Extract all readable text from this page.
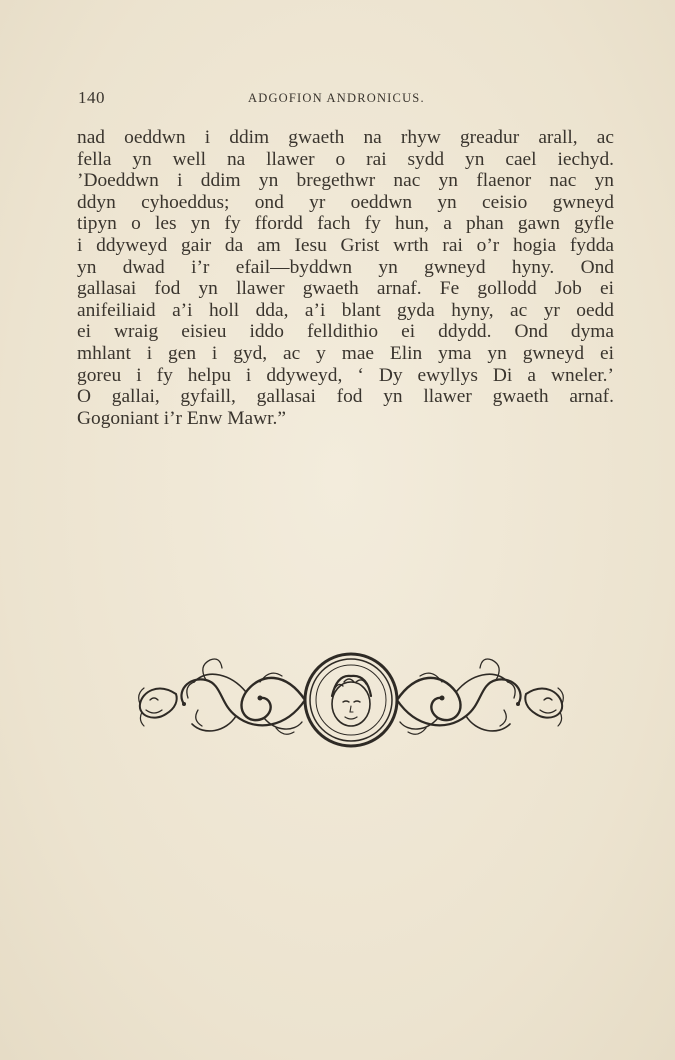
140	ADGOFION ANDRONICUS.
nad oeddwn i ddim gwaeth na rhyw greadur arall, ac
fella yn well na llawer o rai sydd yn cael iechyd.
’Doeddwn i ddim yn bregethwr nac yn flaenor nac yn
ddyn cyhoeddus; ond yr oeddwn yn ceisio gwneyd
tipyn o les yn fy ffordd fach fy hun, a phan gawn gyfle
i ddyweyd gair da am Iesu Grist wrth rai o’r hogia fydda
yn dwad i’r efail—byddwn yn gwneyd hyny. Ond
gallasai fod yn llawer gwaeth arnaf. Fe gollodd Job ei
anifeiliaid a’i holl dda, a’i blant gyda hyny, ac yr oedd
ei wraig eisieu iddo felldithio ei ddydd. Ond dyma
mhlant i gen i gyd, ac y mae Elin yma yn gwneyd ei
goreu i fy helpu i ddyweyd, ‘ Dy ewyllys Di a wneler.’
O gallai, gyfaill, gallasai fod yn llawer gwaeth arnaf.
Gogoniant i’r Enw Mawr.”
